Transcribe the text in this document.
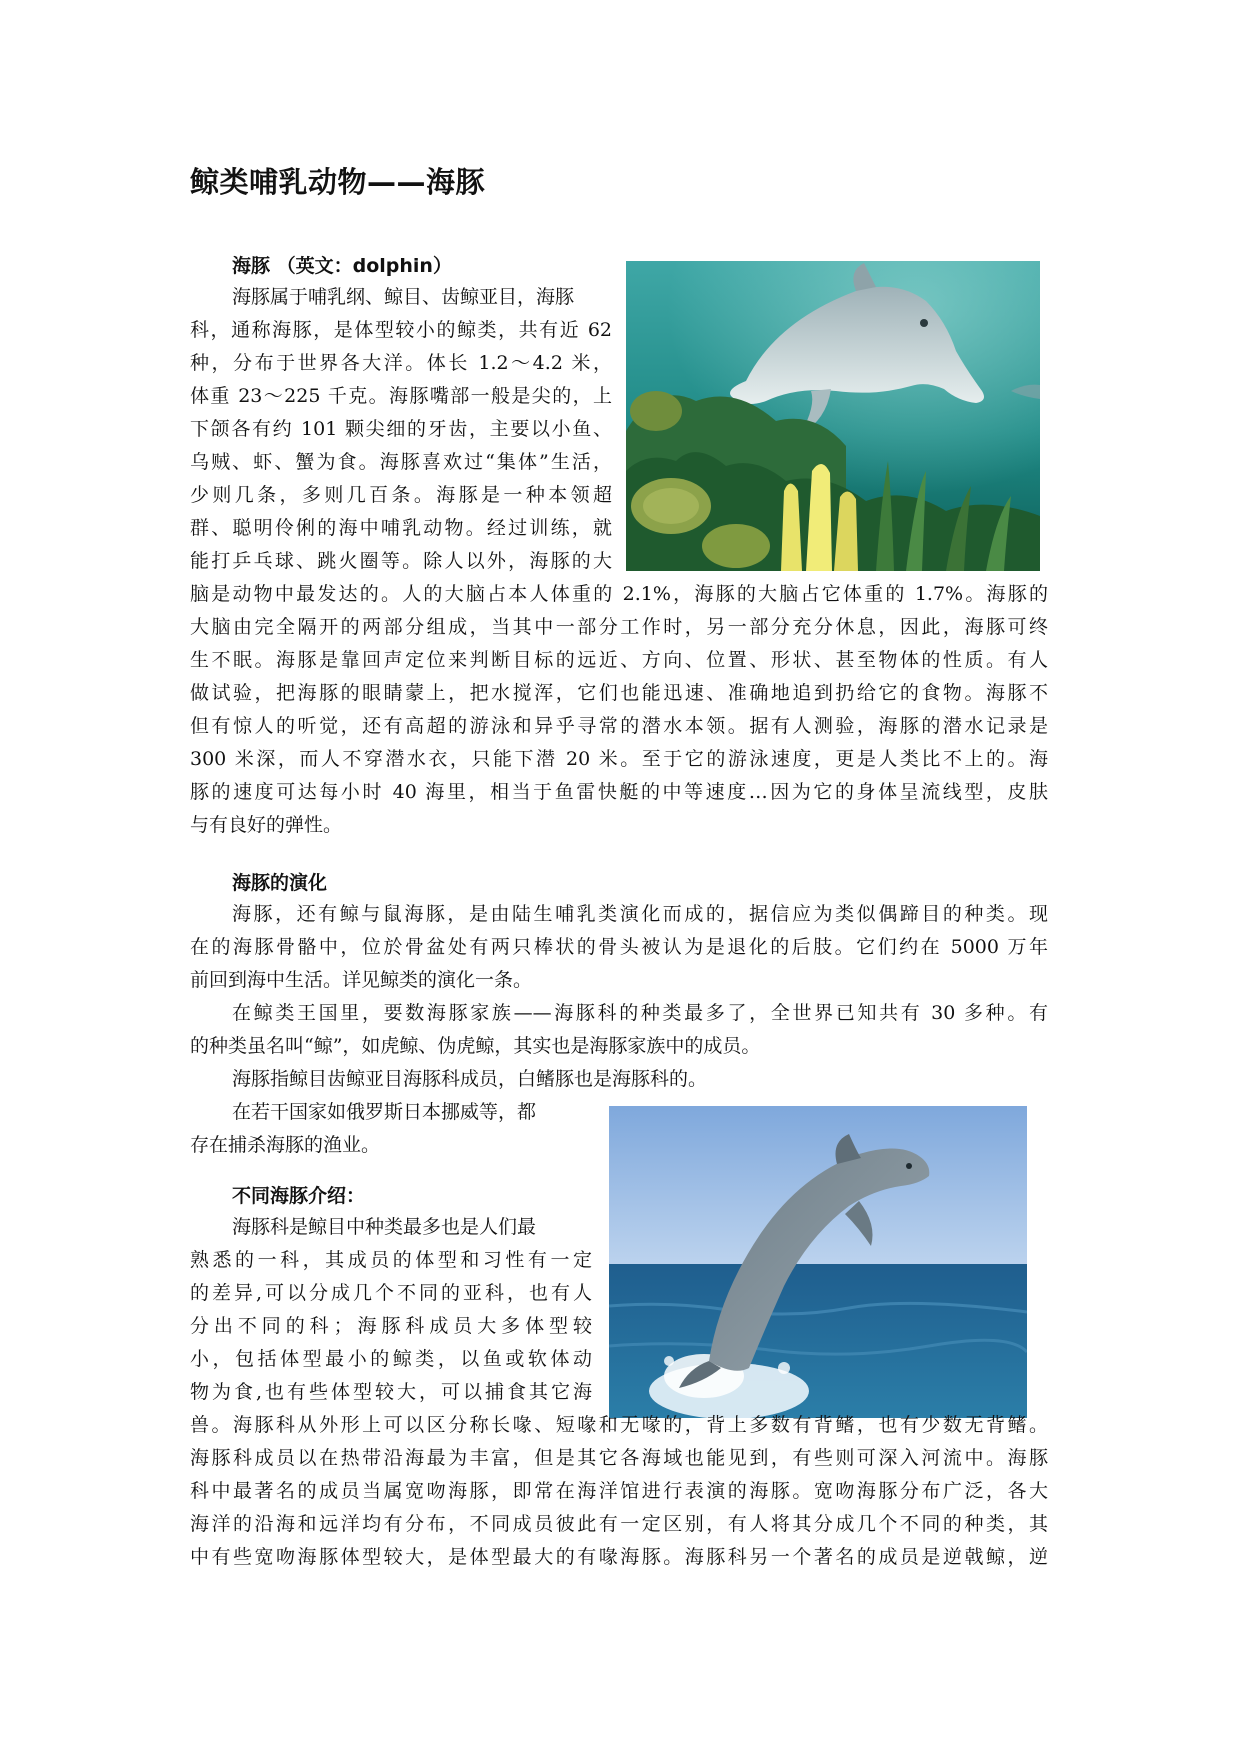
鲸类哺乳动物——海豚
海豚 （英文：dolphin）
海豚属于哺乳纲、鲸目、齿鲸亚目，海豚
科，通称海豚，是体型较小的鲸类，共有近 62
种，分布于世界各大洋。体长 1.2～4.2 米，
体重 23～225 千克。海豚嘴部一般是尖的，上
下颌各有约 101 颗尖细的牙齿，主要以小鱼、
乌贼、虾、蟹为食。海豚喜欢过“集体”生活，
少则几条，多则几百条。海豚是一种本领超
群、聪明伶俐的海中哺乳动物。经过训练，就
能打乒乓球、跳火圈等。除人以外，海豚的大
脑是动物中最发达的。人的大脑占本人体重的 2.1%，海豚的大脑占它体重的 1.7%。海豚的
大脑由完全隔开的两部分组成，当其中一部分工作时，另一部分充分休息，因此，海豚可终
生不眠。海豚是靠回声定位来判断目标的远近、方向、位置、形状、甚至物体的性质。有人
做试验，把海豚的眼睛蒙上，把水搅浑，它们也能迅速、准确地追到扔给它的食物。海豚不
但有惊人的听觉，还有高超的游泳和异乎寻常的潜水本领。据有人测验，海豚的潜水记录是
300 米深，而人不穿潜水衣，只能下潜 20 米。至于它的游泳速度，更是人类比不上的。海
豚的速度可达每小时 40 海里，相当于鱼雷快艇的中等速度…因为它的身体呈流线型，皮肤
与有良好的弹性。
海豚的演化
海豚，还有鲸与鼠海豚，是由陆生哺乳类演化而成的，据信应为类似偶蹄目的种类。现
在的海豚骨骼中，位於骨盆处有两只棒状的骨头被认为是退化的后肢。它们约在 5000 万年
前回到海中生活。详见鲸类的演化一条。
在鲸类王国里，要数海豚家族——海豚科的种类最多了，全世界已知共有 30 多种。有
的种类虽名叫“鲸”，如虎鲸、伪虎鲸，其实也是海豚家族中的成员。
海豚指鲸目齿鲸亚目海豚科成员，白鳍豚也是海豚科的。
在若干国家如俄罗斯日本挪威等，都
存在捕杀海豚的渔业。
不同海豚介绍：
海豚科是鲸目中种类最多也是人们最
熟悉的一科，其成员的体型和习性有一定
的差异,可以分成几个不同的亚科，也有人
分出不同的科；海豚科成员大多体型较
小，包括体型最小的鲸类，以鱼或软体动
物为食,也有些体型较大，可以捕食其它海
兽。海豚科从外形上可以区分称长喙、短喙和无喙的，背上多数有背鳍，也有少数无背鳍。
海豚科成员以在热带沿海最为丰富，但是其它各海域也能见到，有些则可深入河流中。海豚
科中最著名的成员当属宽吻海豚，即常在海洋馆进行表演的海豚。宽吻海豚分布广泛，各大
海洋的沿海和远洋均有分布，不同成员彼此有一定区别，有人将其分成几个不同的种类，其
中有些宽吻海豚体型较大，是体型最大的有喙海豚。海豚科另一个著名的成员是逆戟鲸，逆
